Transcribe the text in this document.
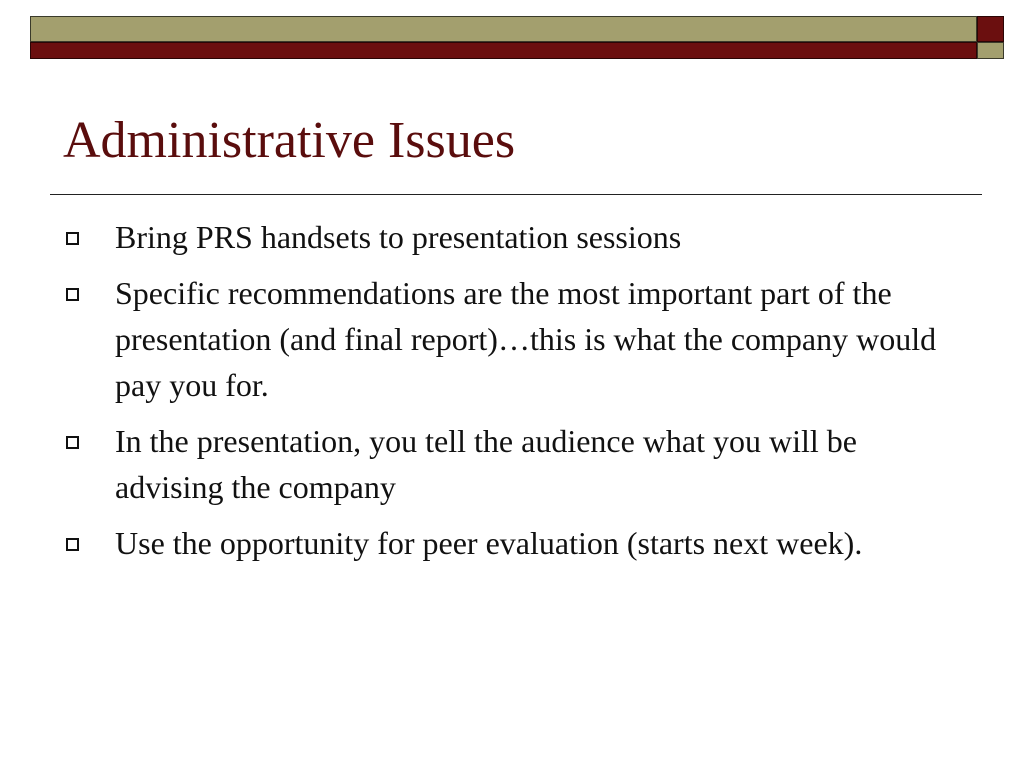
Administrative Issues
Bring PRS handsets to presentation sessions
Specific recommendations are the most important part of the presentation (and final report)…this is what the company would pay you for.
In the presentation, you tell the audience what you will be advising the company
Use the opportunity for peer evaluation (starts next week).
